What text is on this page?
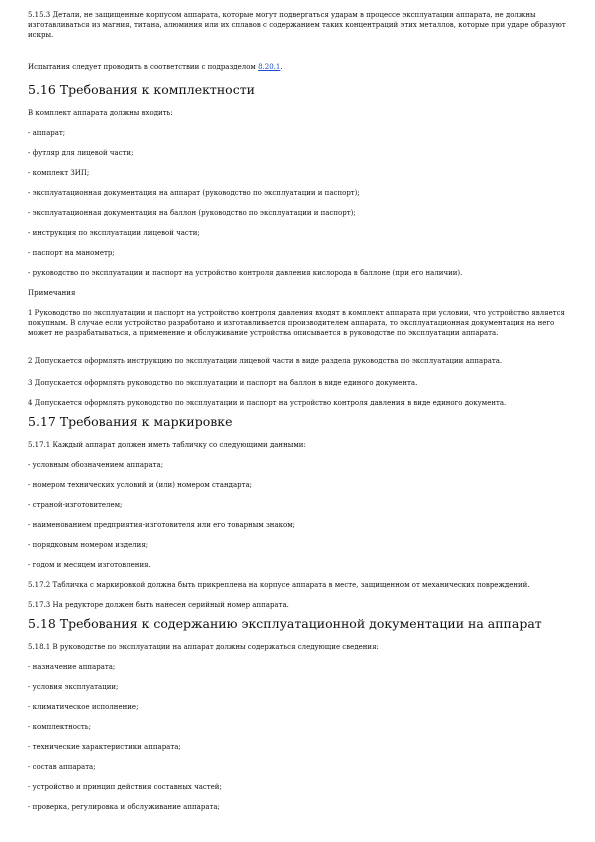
5.15.3 Детали, не защищенные корпусом аппарата, которые могут подвергаться ударам в процессе эксплуатации аппарата, не должны изготавливаться из магния, титана, алюминия или их сплавов с содержанием таких концентраций этих металлов, которые при ударе образуют искры.

Испытания следует проводить в соответствии с подразделом 8.20.1.

5.16 Требования к комплектности

В комплект аппарата должны входить:

- аппарат;

- футляр для лицевой части;

- комплект ЗИП;

- эксплуатационная документация на аппарат (руководство по эксплуатации и паспорт);

- эксплуатационная документация на баллон (руководство по эксплуатации и паспорт);

- инструкция по эксплуатации лицевой части;

- паспорт на манометр;

- руководство по эксплуатации и паспорт на устройство контроля давления кислорода в баллоне (при его наличии).

Примечания

1 Руководство по эксплуатации и паспорт на устройство контроля давления входят в комплект аппарата при условии, что устройство является покупным. В случае если устройство разработано и изготавливается производителем аппарата, то эксплуатационная документация на него может не разрабатываться, а применение и обслуживание устройства описывается в руководстве по эксплуатации аппарата.

2 Допускается оформлять инструкцию по эксплуатации лицевой части в виде раздела руководства по эксплуатации аппарата.

3 Допускается оформлять руководство по эксплуатации и паспорт на баллон в виде единого документа.

4 Допускается оформлять руководство по эксплуатации и паспорт на устройство контроля давления в виде единого документа.

5.17 Требования к маркировке

5.17.1 Каждый аппарат должен иметь табличку со следующими данными:

- условным обозначением аппарата;

- номером технических условий и (или) номером стандарта;

- страной-изготовителем;

- наименованием предприятия-изготовителя или его товарным знаком;

- порядковым номером изделия;

- годом и месяцем изготовления.

5.17.2 Табличка с маркировкой должна быть прикреплена на корпусе аппарата в месте, защищенном от механических повреждений.

5.17.3 На редукторе должен быть нанесен серийный номер аппарата.

5.18 Требования к содержанию эксплуатационной документации на аппарат

5.18.1 В руководстве по эксплуатации на аппарат должны содержаться следующие сведения:

- назначение аппарата;

- условия эксплуатации;

- климатическое исполнение;

- комплектность;

- технические характеристики аппарата;

- состав аппарата;

- устройство и принцип действия составных частей;

- проверка, регулировка и обслуживание аппарата;
